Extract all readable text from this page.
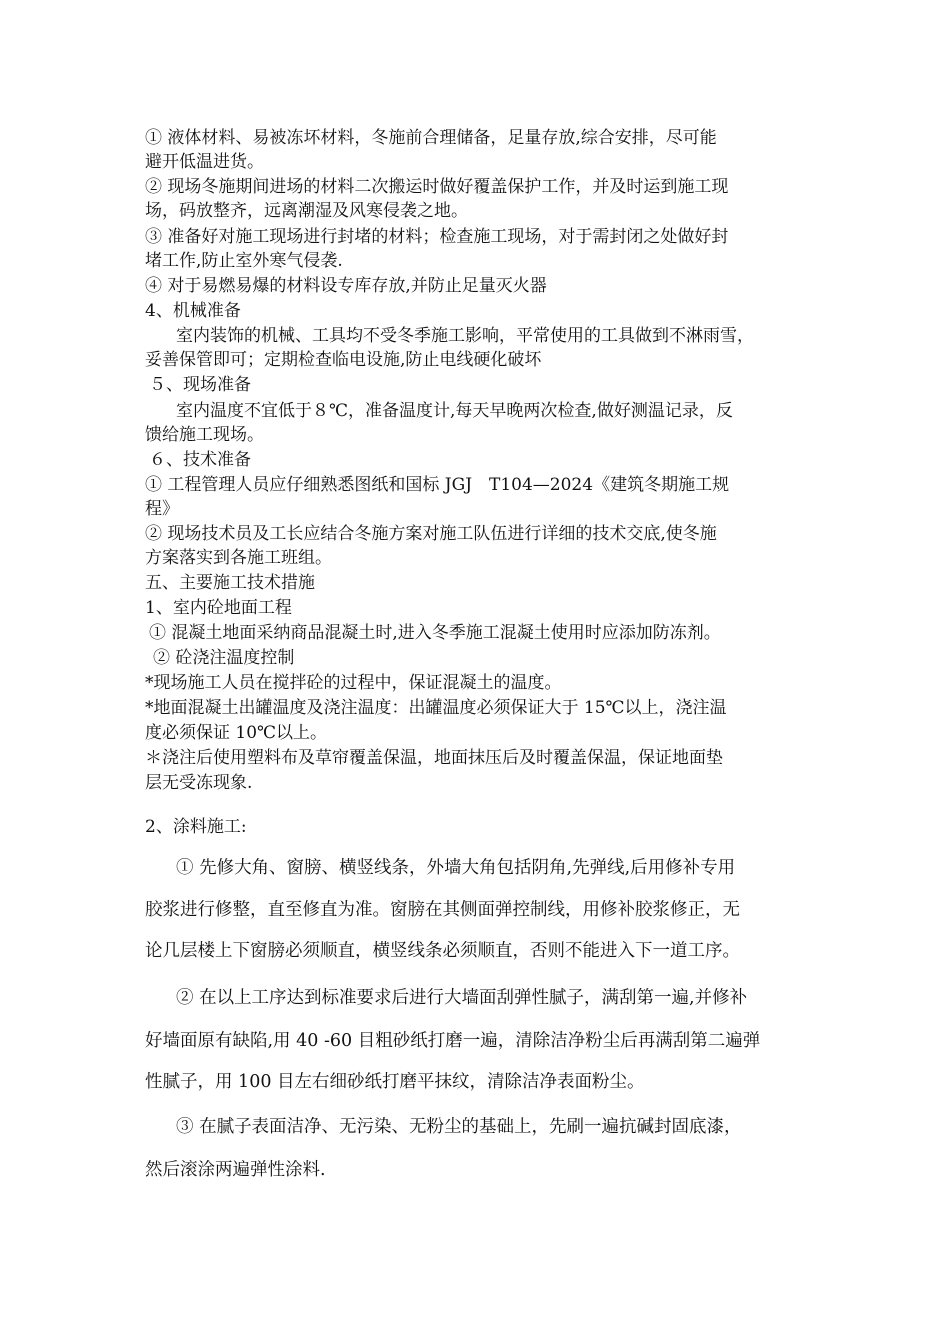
① 液体材料、易被冻坏材料，冬施前合理储备，足量存放,综合安排，尽可能
避开低温进货。
② 现场冬施期间进场的材料二次搬运时做好覆盖保护工作，并及时运到施工现
场，码放整齐，远离潮湿及风寒侵袭之地。
③ 准备好对施工现场进行封堵的材料；检查施工现场，对于需封闭之处做好封
堵工作,防止室外寒气侵袭.
④ 对于易燃易爆的材料设专库存放,并防止足量灭火器
4、机械准备
室内装饰的机械、工具均不受冬季施工影响，平常使用的工具做到不淋雨雪，
妥善保管即可；定期检查临电设施,防止电线硬化破坏
５、现场准备
室内温度不宜低于８℃，准备温度计,每天早晚两次检查,做好测温记录，反
馈给施工现场。
６、技术准备
① 工程管理人员应仔细熟悉图纸和国标 JGJ　T104—2024《建筑冬期施工规
程》
② 现场技术员及工长应结合冬施方案对施工队伍进行详细的技术交底,使冬施
方案落实到各施工班组。
五、主要施工技术措施
1、室内砼地面工程
① 混凝土地面采纳商品混凝土时,进入冬季施工混凝土使用时应添加防冻剂。
② 砼浇注温度控制
*现场施工人员在搅拌砼的过程中，保证混凝土的温度。
*地面混凝土出罐温度及浇注温度：出罐温度必须保证大于 15℃以上，浇注温
度必须保证 10℃以上。
＊浇注后使用塑料布及草帘覆盖保温，地面抹压后及时覆盖保温，保证地面垫
层无受冻现象.
2、涂料施工:
① 先修大角、窗膀、横竖线条，外墙大角包括阴角,先弹线,后用修补专用
胶浆进行修整，直至修直为准。窗膀在其侧面弹控制线，用修补胶浆修正，无
论几层楼上下窗膀必须顺直，横竖线条必须顺直，否则不能进入下一道工序。
② 在以上工序达到标准要求后进行大墙面刮弹性腻子，满刮第一遍,并修补
好墙面原有缺陷,用 40 -60 目粗砂纸打磨一遍，清除洁净粉尘后再满刮第二遍弹
性腻子，用 100 目左右细砂纸打磨平抹纹，清除洁净表面粉尘。
③ 在腻子表面洁净、无污染、无粉尘的基础上，先刷一遍抗碱封固底漆，
然后滚涂两遍弹性涂料.
